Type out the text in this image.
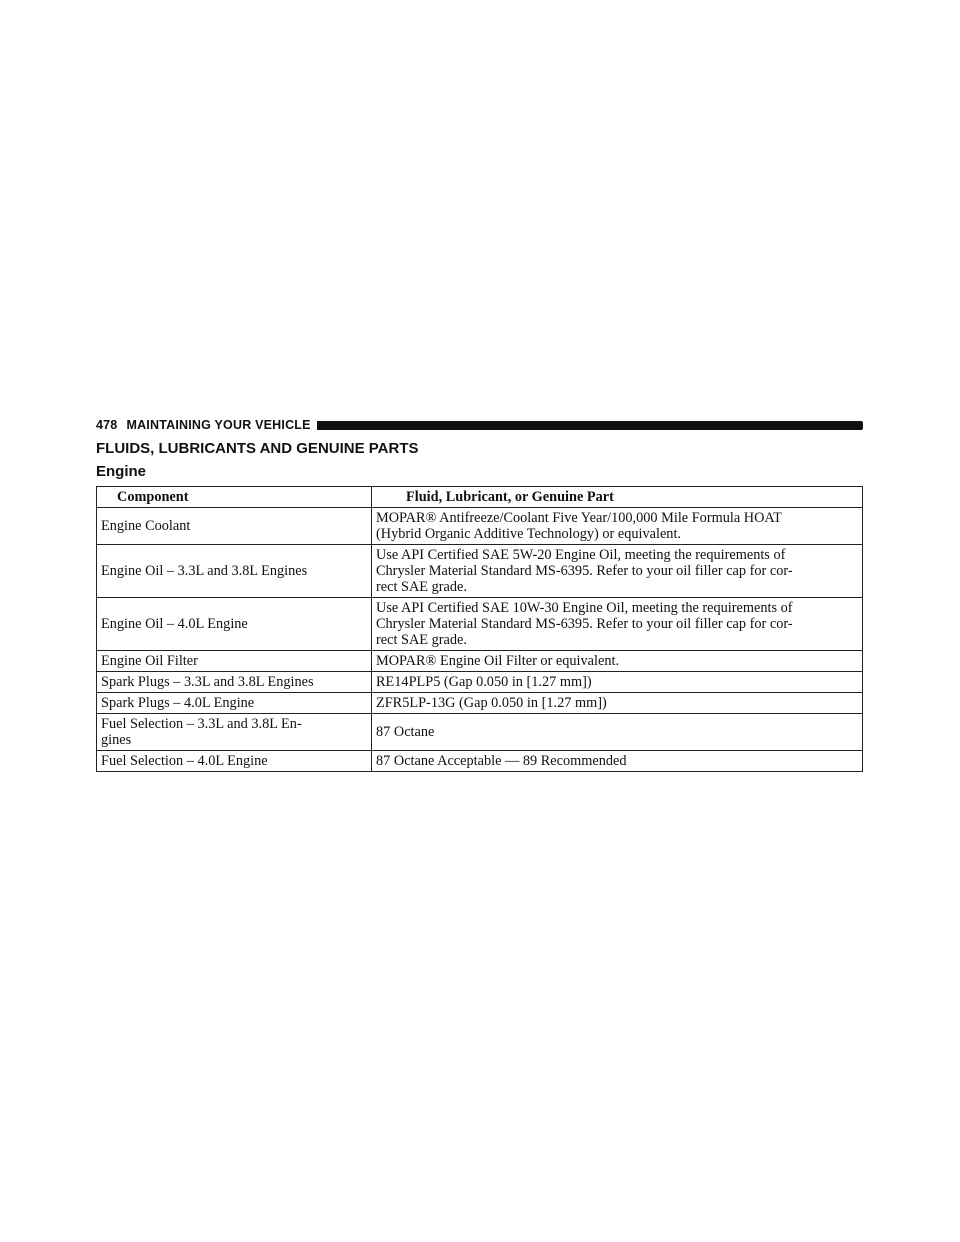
478 MAINTAINING YOUR VEHICLE
FLUIDS, LUBRICANTS AND GENUINE PARTS
Engine
Component	Fluid, Lubricant, or Genuine Part
Engine Coolant	MOPAR® Antifreeze/Coolant Five Year/100,000 Mile Formula HOAT
(Hybrid Organic Additive Technology) or equivalent.
Engine Oil – 3.3L and 3.8L Engines	Use API Certified SAE 5W-20 Engine Oil, meeting the requirements of
Chrysler Material Standard MS-6395. Refer to your oil filler cap for cor-
rect SAE grade.
Engine Oil – 4.0L Engine	Use API Certified SAE 10W-30 Engine Oil, meeting the requirements of
Chrysler Material Standard MS-6395. Refer to your oil filler cap for cor-
rect SAE grade.
Engine Oil Filter	MOPAR® Engine Oil Filter or equivalent.
Spark Plugs – 3.3L and 3.8L Engines	RE14PLP5 (Gap 0.050 in [1.27 mm])
Spark Plugs – 4.0L Engine	ZFR5LP-13G (Gap 0.050 in [1.27 mm])
Fuel Selection – 3.3L and 3.8L En-
gines	87 Octane
Fuel Selection – 4.0L Engine	87 Octane Acceptable — 89 Recommended
